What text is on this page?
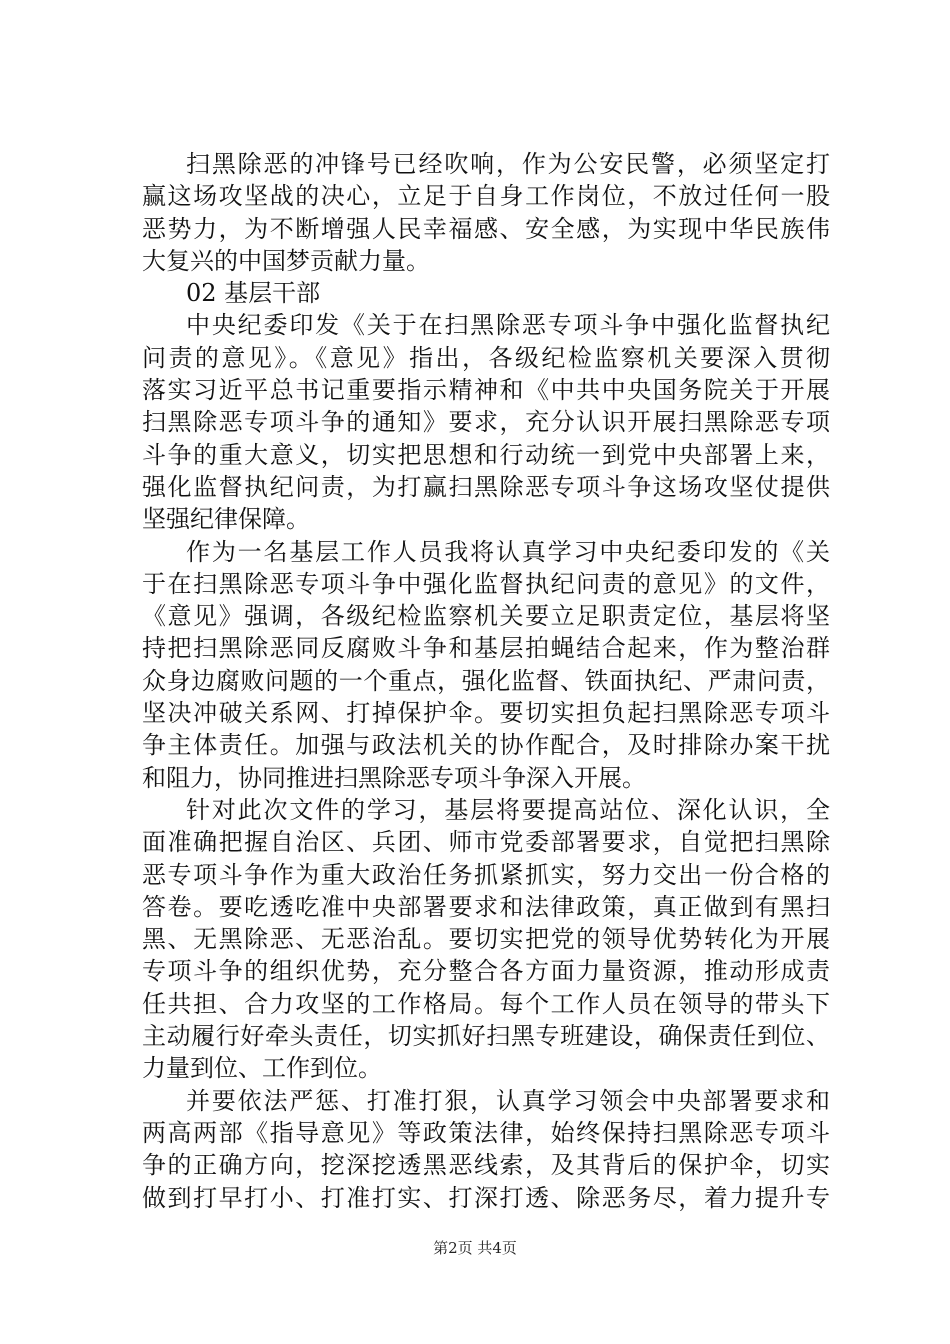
扫黑除恶的冲锋号已经吹响，作为公安民警，必须坚定打
赢这场攻坚战的决心，立足于自身工作岗位，不放过任何一股
恶势力，为不断增强人民幸福感、安全感，为实现中华民族伟
大复兴的中国梦贡献力量。
02 基层干部
中央纪委印发《关于在扫黑除恶专项斗争中强化监督执纪
问责的意见》。《意见》指出，各级纪检监察机关要深入贯彻
落实习近平总书记重要指示精神和《中共中央国务院关于开展
扫黑除恶专项斗争的通知》要求，充分认识开展扫黑除恶专项
斗争的重大意义，切实把思想和行动统一到党中央部署上来，
强化监督执纪问责，为打赢扫黑除恶专项斗争这场攻坚仗提供
坚强纪律保障。
作为一名基层工作人员我将认真学习中央纪委印发的《关
于在扫黑除恶专项斗争中强化监督执纪问责的意见》的文件，
《意见》强调，各级纪检监察机关要立足职责定位，基层将坚
持把扫黑除恶同反腐败斗争和基层拍蝇结合起来，作为整治群
众身边腐败问题的一个重点，强化监督、铁面执纪、严肃问责，
坚决冲破关系网、打掉保护伞。要切实担负起扫黑除恶专项斗
争主体责任。加强与政法机关的协作配合，及时排除办案干扰
和阻力，协同推进扫黑除恶专项斗争深入开展。
针对此次文件的学习，基层将要提高站位、深化认识，全
面准确把握自治区、兵团、师市党委部署要求，自觉把扫黑除
恶专项斗争作为重大政治任务抓紧抓实，努力交出一份合格的
答卷。要吃透吃准中央部署要求和法律政策，真正做到有黑扫
黑、无黑除恶、无恶治乱。要切实把党的领导优势转化为开展
专项斗争的组织优势，充分整合各方面力量资源，推动形成责
任共担、合力攻坚的工作格局。每个工作人员在领导的带头下
主动履行好牵头责任，切实抓好扫黑专班建设，确保责任到位、
力量到位、工作到位。
并要依法严惩、打准打狠，认真学习领会中央部署要求和
两高两部《指导意见》等政策法律，始终保持扫黑除恶专项斗
争的正确方向，挖深挖透黑恶线索，及其背后的保护伞，切实
做到打早打小、打准打实、打深打透、除恶务尽，着力提升专
第2页 共4页
